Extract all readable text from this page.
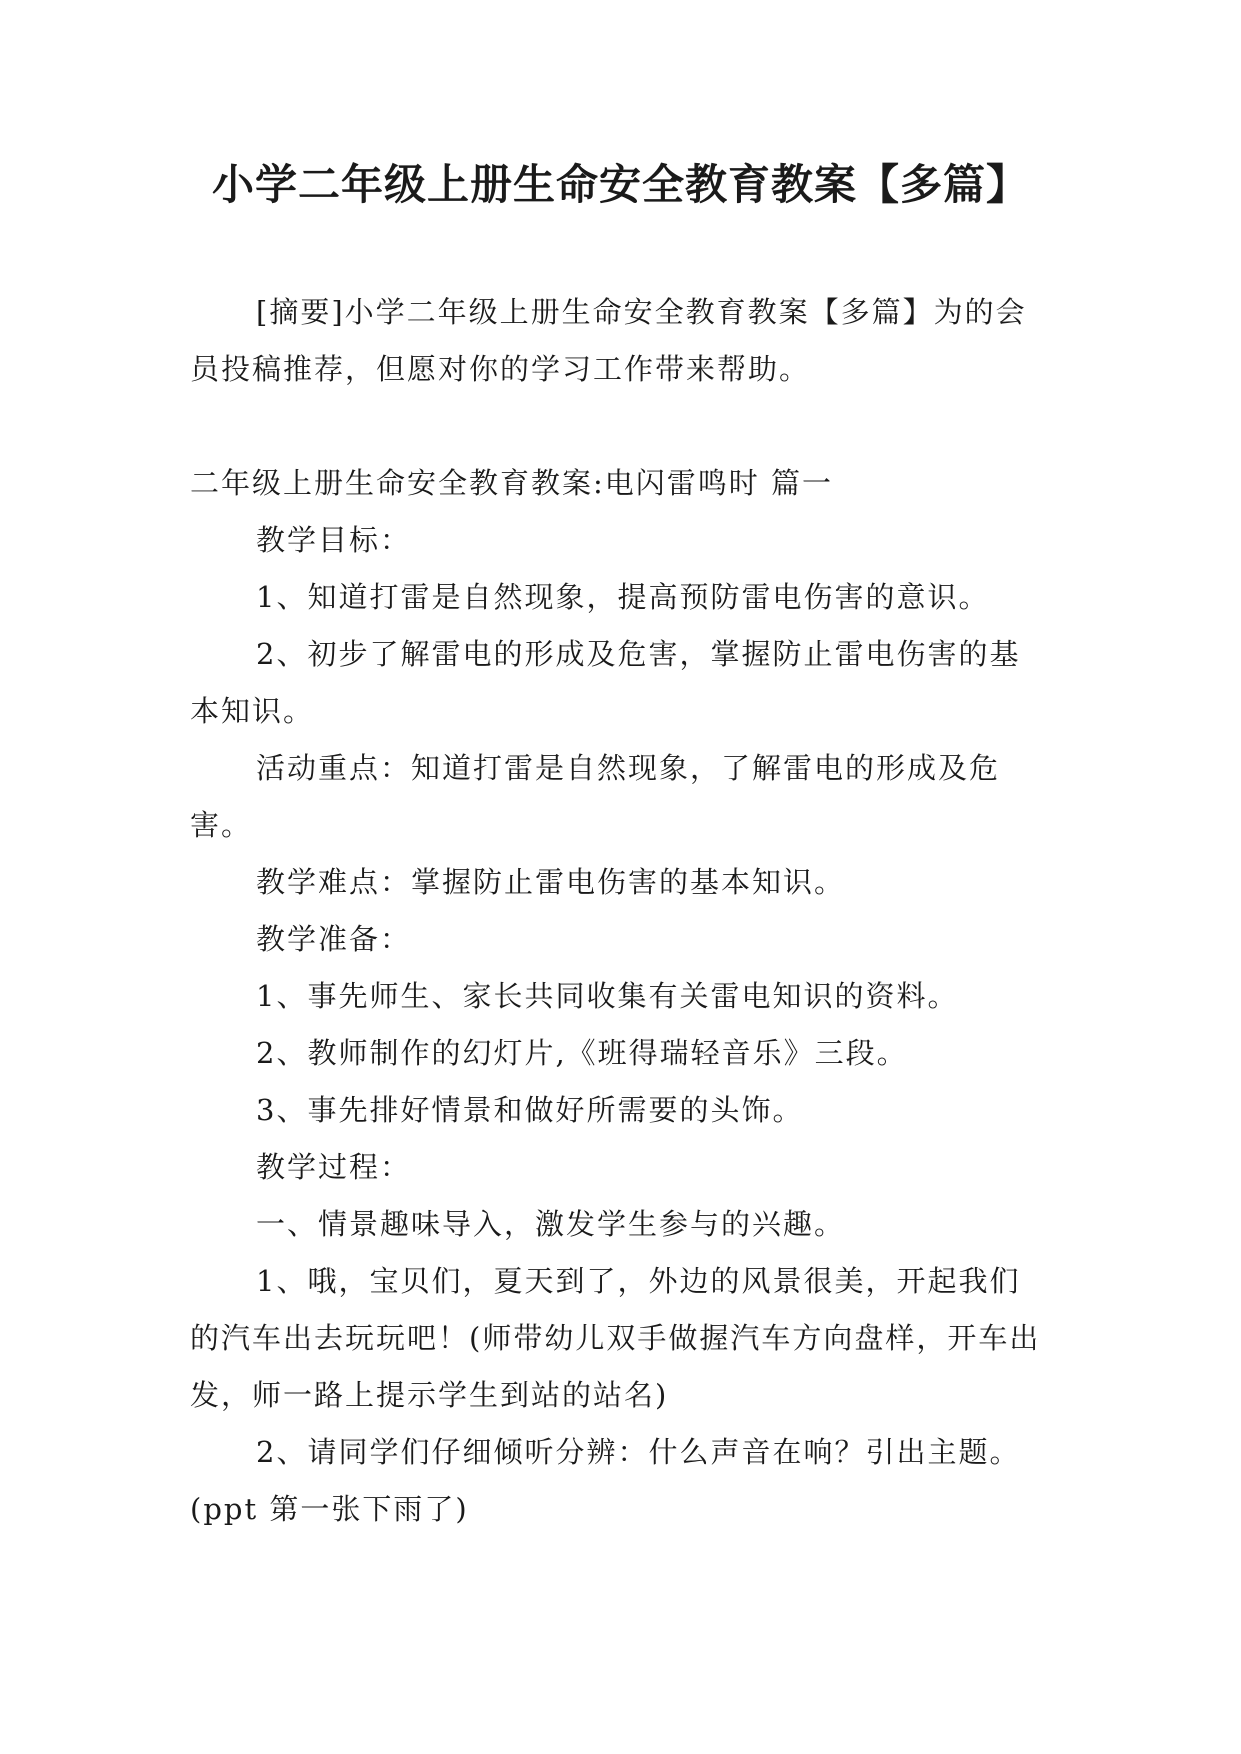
小学二年级上册生命安全教育教案【多篇】

[摘要]小学二年级上册生命安全教育教案【多篇】为的会员投稿推荐，但愿对你的学习工作带来帮助。

二年级上册生命安全教育教案:电闪雷鸣时 篇一

教学目标：

1、知道打雷是自然现象，提高预防雷电伤害的意识。

2、初步了解雷电的形成及危害，掌握防止雷电伤害的基本知识。

活动重点：知道打雷是自然现象，了解雷电的形成及危害。

教学难点：掌握防止雷电伤害的基本知识。

教学准备：

1、事先师生、家长共同收集有关雷电知识的资料。

2、教师制作的幻灯片,《班得瑞轻音乐》三段。

3、事先排好情景和做好所需要的头饰。

教学过程：

一、情景趣味导入，激发学生参与的兴趣。

1、哦，宝贝们，夏天到了，外边的风景很美，开起我们的汽车出去玩玩吧！(师带幼儿双手做握汽车方向盘样，开车出发，师一路上提示学生到站的站名)

2、请同学们仔细倾听分辨：什么声音在响？引出主题。(ppt 第一张下雨了)
